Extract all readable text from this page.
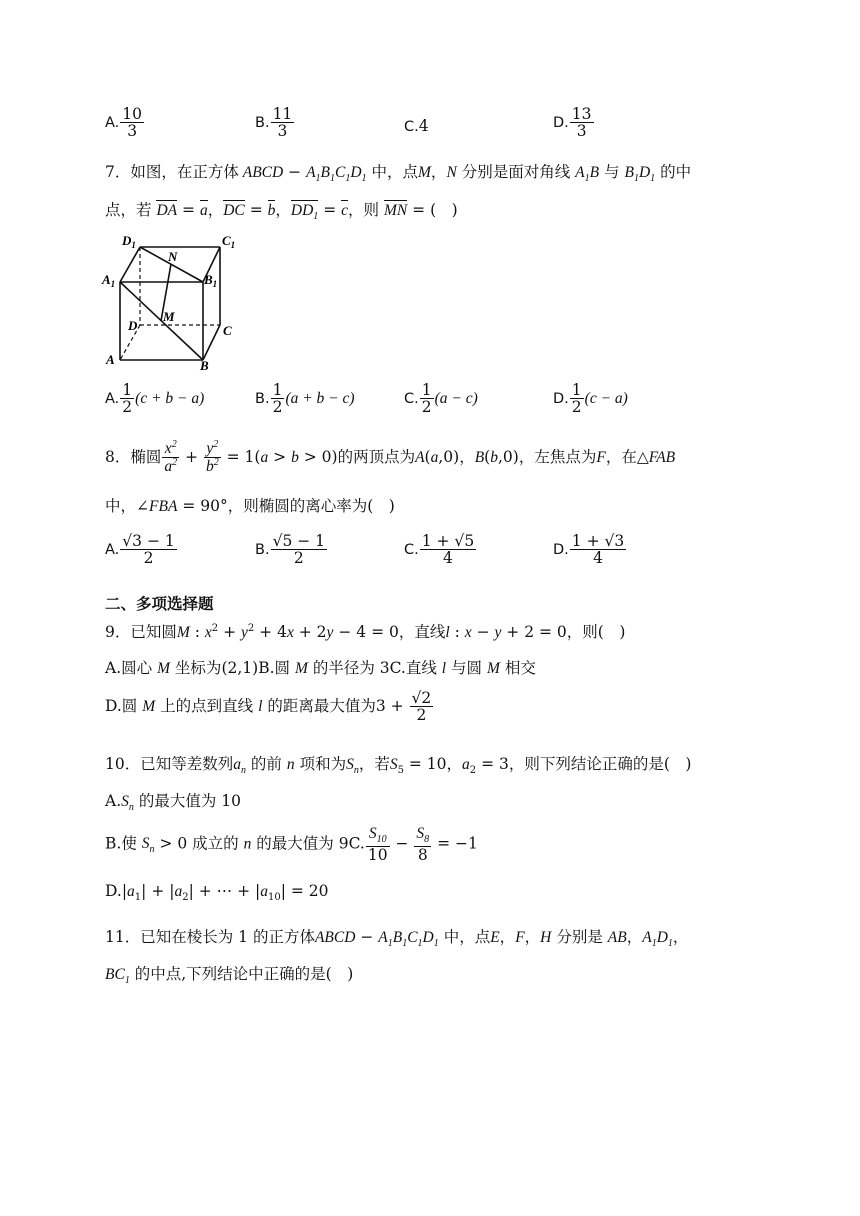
A. $\frac{10}{3}$	B. $\frac{11}{3}$	C.4	D. $\frac{13}{3}$
7．如图，在正方体 ABCD − $A_1B_1C_1D_1$ 中，点M，N 分别是面对角线 $A_1B$ 与 $B_1D_1$ 的中
点，若 DA = a，DC = b，$DD_1 = c$，则 MN = (　)
$D_1$	$C_1$
$A_1$	$B_1$
N
D
M
C
A	B
A. $\frac{1}{2} (c + b - a)$	B. $\frac{1}{2} (a + b - c)$	C. $\frac{1}{2} (a - c)$	D. $\frac{1}{2} (c - a)$
8．椭圆 $\frac{x^2}{a^2} + \frac{y^2}{b^2} = 1(a > b > 0)$的两顶点为A(a,0)，B(b,0)，左焦点为F，在△FAB
中，∠FBA = 90°，则椭圆的离心率为(　)
A. $\frac{√3 - 1}{2}$	B. $\frac{√5 - 1}{2}$	C. $\frac{1 + √5}{4}$	D. $\frac{1 + √3}{4}$
二、多项选择题
9．已知圆M : $x^2 + y^2 + 4x + 2y - 4 = 0$，直线l : x − y + 2 = 0，则(　)
A.圆心 M 坐标为(2,1)B.圆 M 的半径为 3C.直线 l 与圆 M 相交
D.圆 M 上的点到直线 l 的距离最大值为$3 + \frac{√2}{2}$
10．已知等差数列$a_n$ 的前 n 项和为$S_n$，若$S_5 = 10$，$a_2 = 3$，则下列结论正确的是(　)
$A.S_n$ 的最大值为 10
B.使 $S_n > 0$ 成立的 n 的最大值为 9C. $\frac{S_{10}}{10} - \frac{S_8}{8} = -1$
$D.|a_1| + |a_2|$ + ⋯ + $|a_{10}| = 20$
11．已知在棱长为 1 的正方体ABCD − $A_1B_1C_1D_1$ 中，点E，F，H 分别是 AB，$A_1D_1$，
$BC_1$ 的中点,下列结论中正确的是(　)
